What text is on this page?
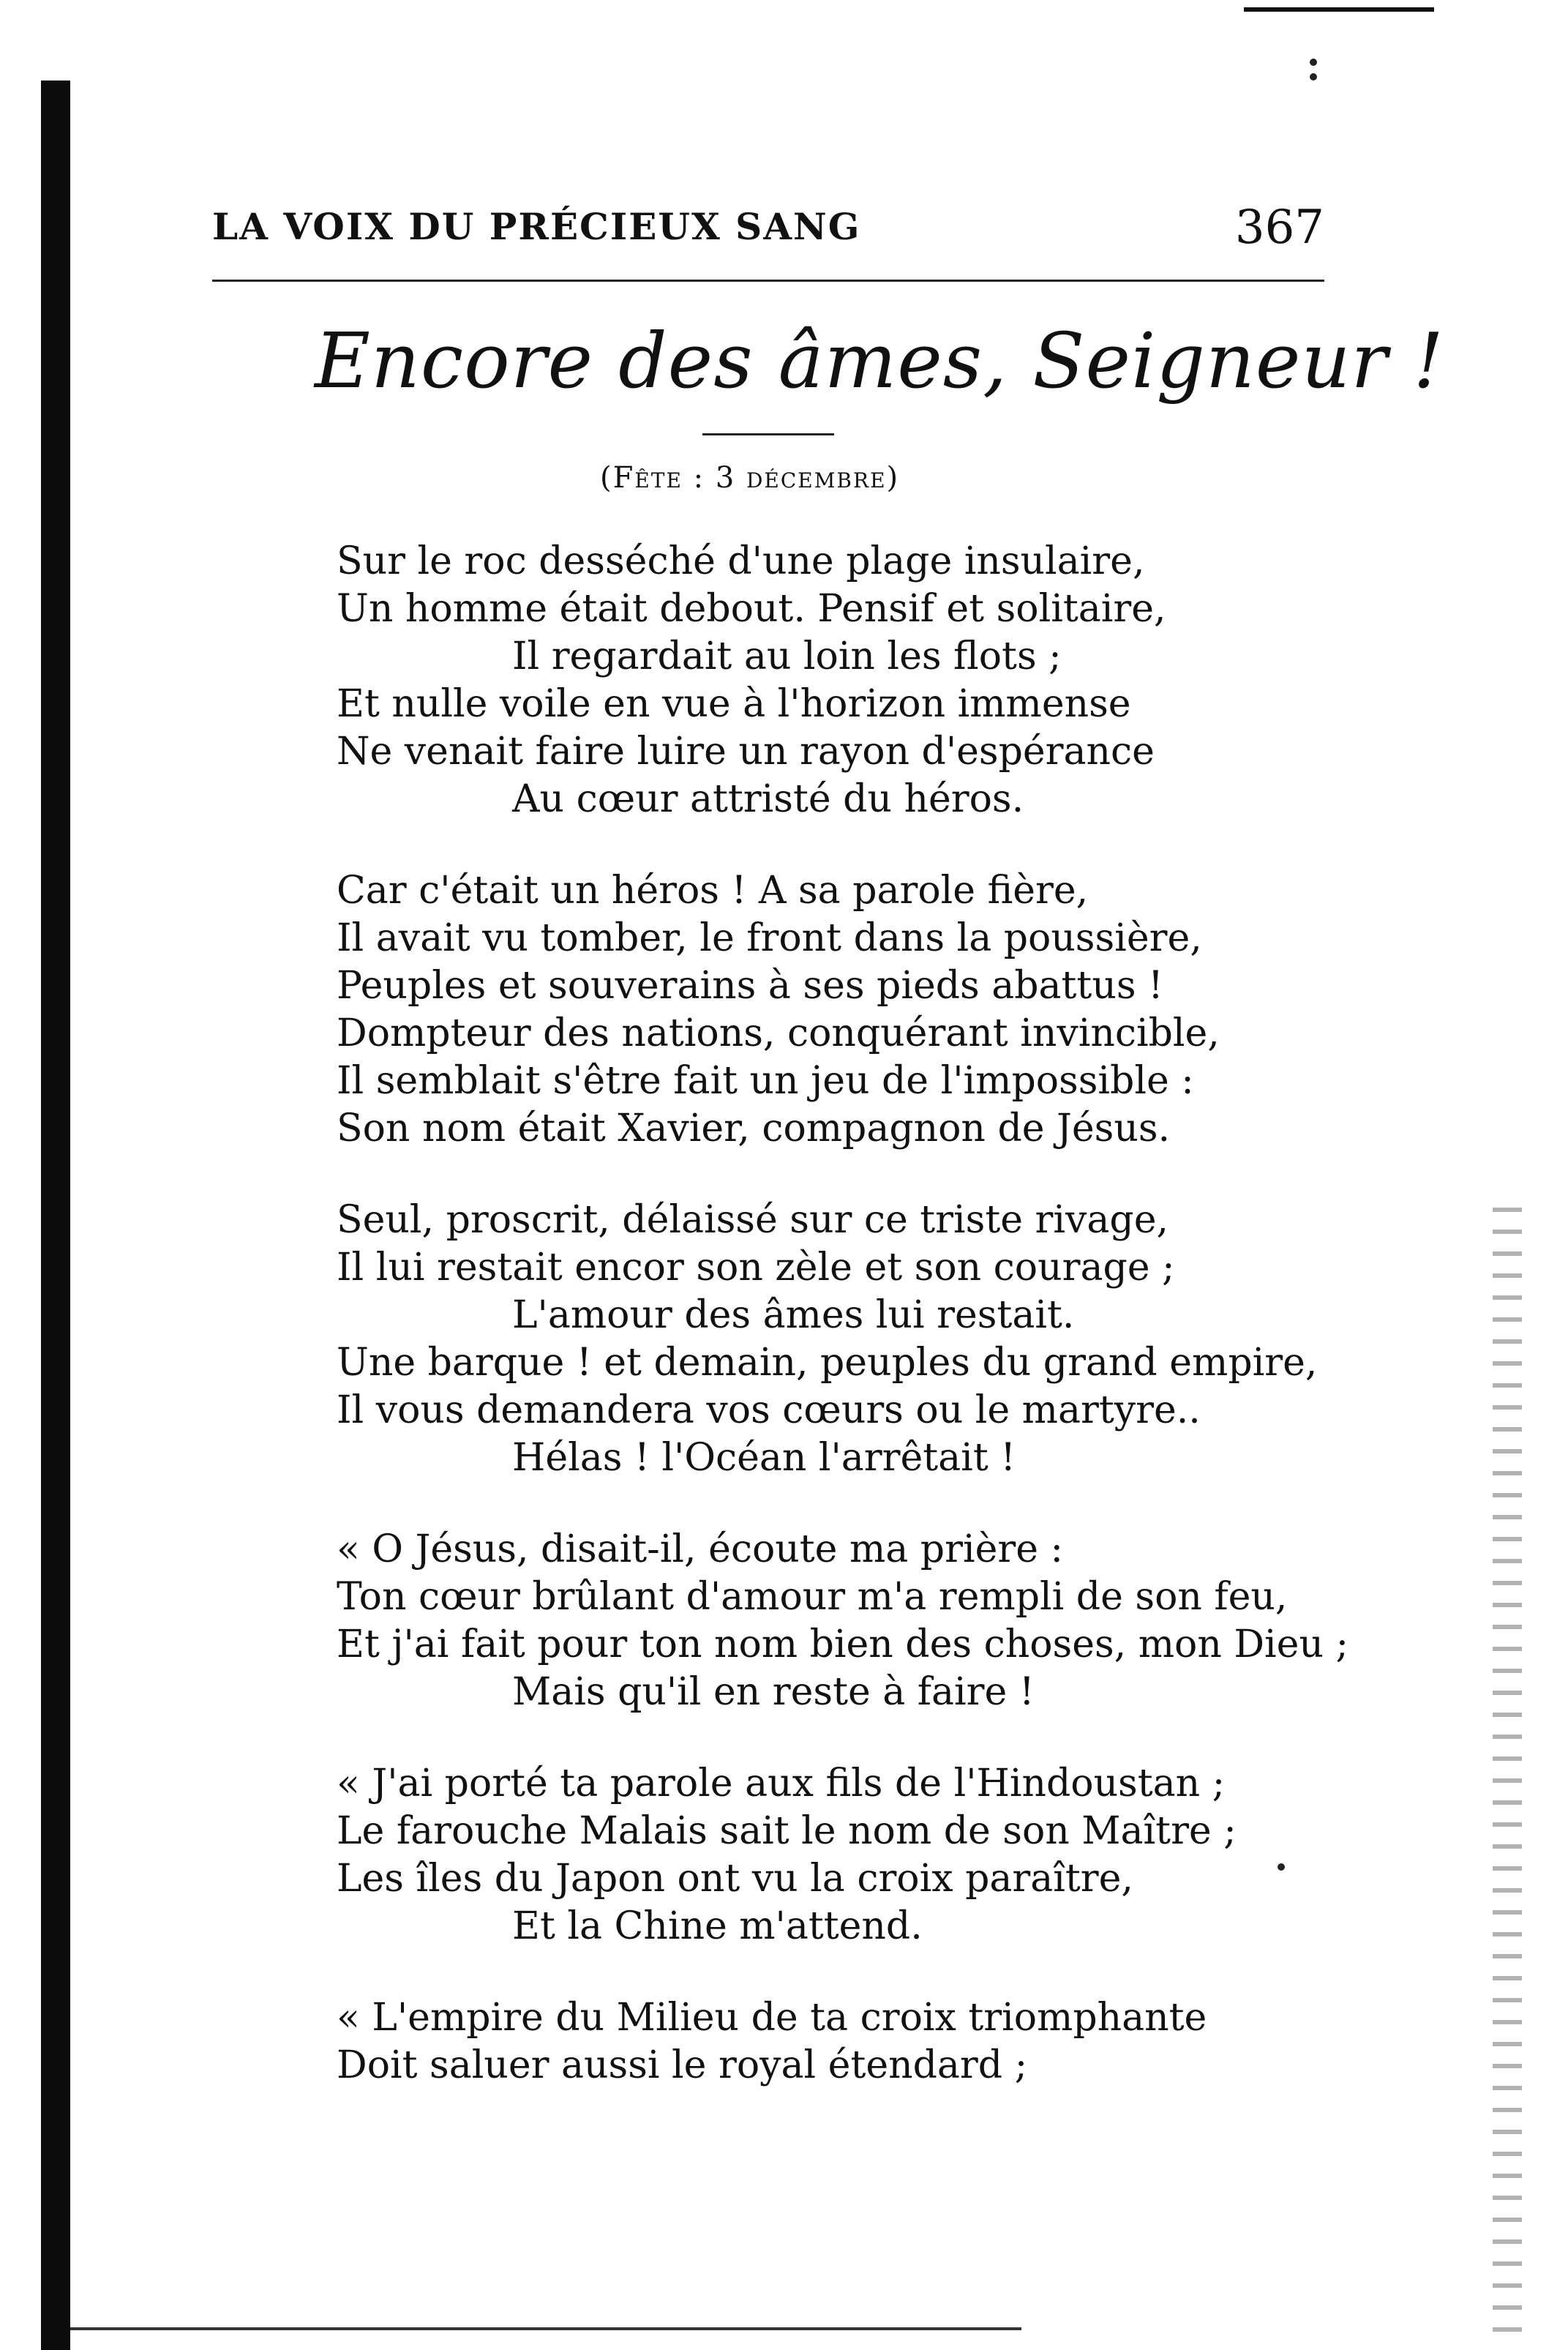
LA VOIX DU PRÉCIEUX SANG	367
Encore des âmes, Seigneur !
(Fête : 3 décembre)
Sur le roc desséché d'une plage insulaire,
Un homme était debout. Pensif et solitaire,
Il regardait au loin les flots ;
Et nulle voile en vue à l'horizon immense
Ne venait faire luire un rayon d'espérance
Au cœur attristé du héros.
Car c'était un héros ! A sa parole fière,
Il avait vu tomber, le front dans la poussière,
Peuples et souverains à ses pieds abattus !
Dompteur des nations, conquérant invincible,
Il semblait s'être fait un jeu de l'impossible :
Son nom était Xavier, compagnon de Jésus.
Seul, proscrit, délaissé sur ce triste rivage,
Il lui restait encor son zèle et son courage ;
L'amour des âmes lui restait.
Une barque ! et demain, peuples du grand empire,
Il vous demandera vos cœurs ou le martyre..
Hélas ! l'Océan l'arrêtait !
« O Jésus, disait-il, écoute ma prière :
Ton cœur brûlant d'amour m'a rempli de son feu,
Et j'ai fait pour ton nom bien des choses, mon Dieu ;
Mais qu'il en reste à faire !
« J'ai porté ta parole aux fils de l'Hindoustan ;
Le farouche Malais sait le nom de son Maître ;
Les îles du Japon ont vu la croix paraître,
Et la Chine m'attend.
« L'empire du Milieu de ta croix triomphante
Doit saluer aussi le royal étendard ;
